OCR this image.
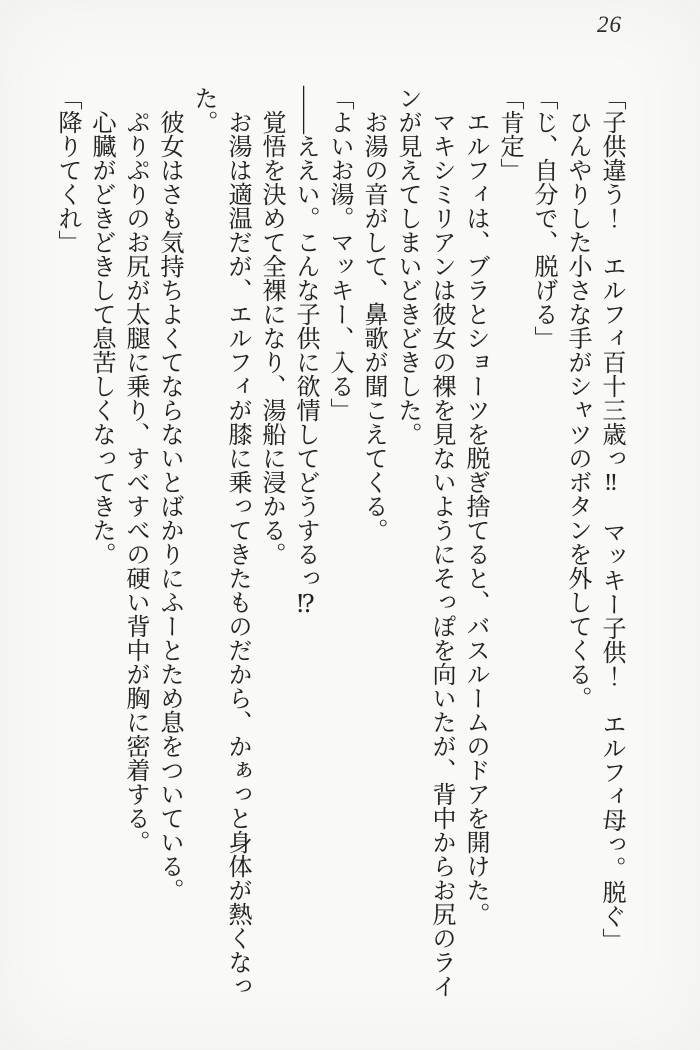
26

「子供違う！　エルフィ百十三歳っ‼　マッキー子供！　エルフィ母っ。脱ぐ」

　ひんやりした小さな手がシャツのボタンを外してくる。

「じ、自分で、脱げる」

「肯定」

　エルフィは、ブラとショーツを脱ぎ捨てると、バスルームのドアを開けた。

　マキシミリアンは彼女の裸を見ないようにそっぽを向いたが、背中からお尻のラインが見えてしまいどきどきした。

　お湯の音がして、鼻歌が聞こえてくる。

「よいお湯。マッキー、入る」

――ええい。こんな子供に欲情してどうするっ⁉

　覚悟を決めて全裸になり、湯船に浸かる。

　お湯は適温だが、エルフィが膝に乗ってきたものだから、かぁっと身体が熱くなった。

　彼女はさも気持ちよくてならないとばかりにふーとため息をついている。

　ぷりぷりのお尻が太腿に乗り、すべすべの硬い背中が胸に密着する。

　心臓がどきどきして息苦しくなってきた。

「降りてくれ」
